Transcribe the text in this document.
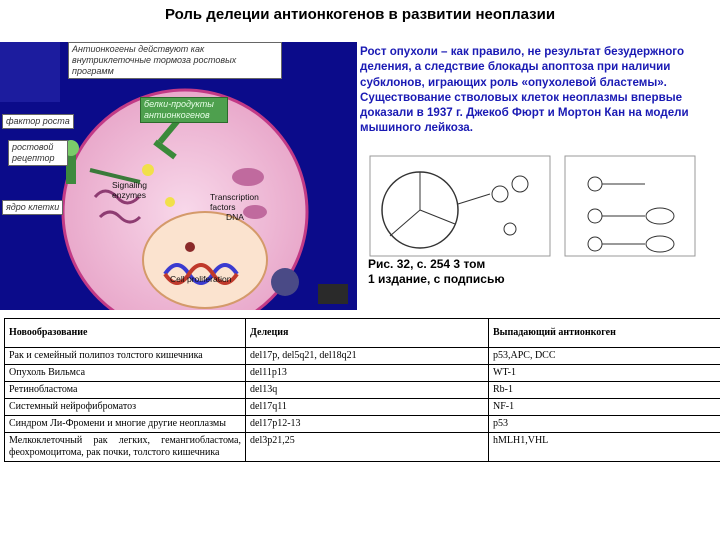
Роль делеции антионкогенов в развитии неоплазии
Антионкогены действуют как внутриклеточные тормоза ростовых программ
фактор роста
ростовой рецептор
ядро клетки
белки-продукты антионкогенов
Signaling enzymes	Transcription factors
DNA
Cell proliferation
Рост опухоли – как правило, не результат безудержного деления, а следствие блокады апоптоза при наличии субклонов, играющих роль «опухолевой бластемы». Существование стволовых клеток неоплазмы впервые доказали в 1937 г. Джекоб Фюрт и Мортон Кан на модели мышиного лейкоза.
Рис. 32, с. 254 3 том
1 издание, с подписью
Новообразование	Делеция	Выпадающий антионкоген
Рак и семейный полипоз толстого кишечника	del17p, del5q21, del18q21	p53,APC, DCC
Опухоль Вильмса	del11p13	WT-1
Ретинобластома	del13q	Rb-1
Системный нейрофиброматоз	del17q11	NF-1
Синдром Ли-Фромени и многие другие неоплазмы	del17p12-13	p53
Мелкоклеточный рак легких, гемангиобластома, феохромоцитома, рак почки, толстого кишечника	del3p21,25	hMLH1,VHL
